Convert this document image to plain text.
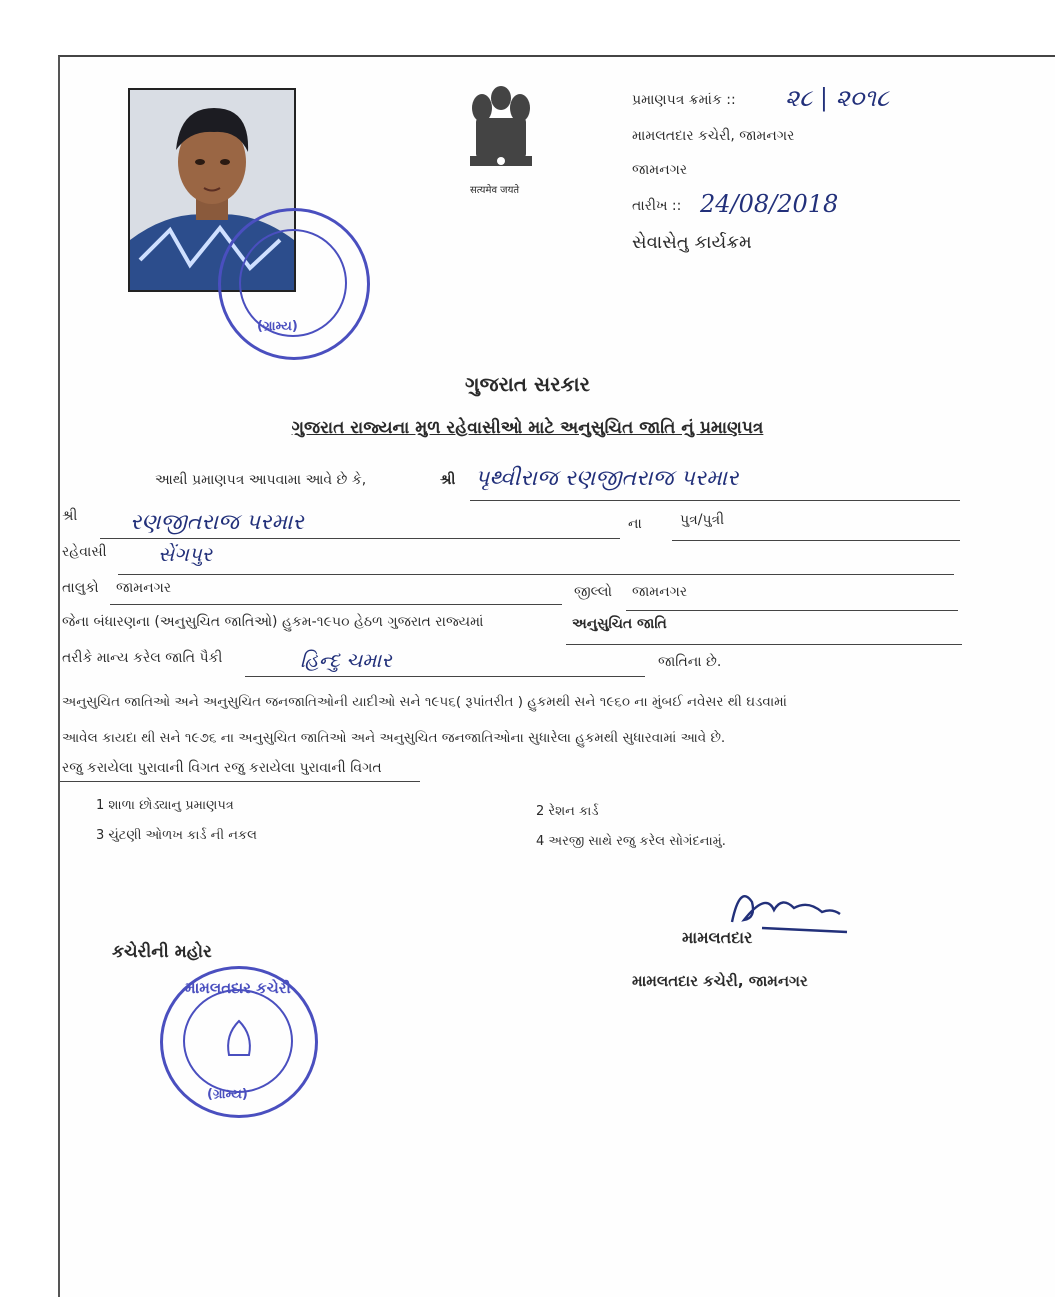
(ગ્રામ્ય)
सत्यमेव जयते
પ્રમાણપત્ર ક્રમાંક :: ૨૮ | ૨૦૧૮
મામલતદાર કચેરી, જામનગર
જામનગર
તારીખ :: 24/08/2018
સેવાસેતુ કાર્યક્રમ
ગુજરાત સરકાર
ગુજરાત રાજ્યના મુળ રહેવાસીઓ માટે અનુસુચિત જાતિ નું પ્રમાણપત્ર
આથી પ્રમાણપત્ર આપવામા આવે છે કે,	શ્રી પૃથ્વીરાજ રણજીતરાજ પરમાર
શ્રી રણજીતરાજ પરમાર	ના	પુત્ર/પુત્રી
રહેવાસી	સેંગપુર
તાલુકો જામનગર	જીલ્લો જામનગર
જેના બંધારણના (અનુસુચિત જાતિઓ) હુકમ-૧૯૫૦ હેઠળ ગુજરાત રાજ્યમાં	અનુસુચિત જાતિ
તરીકે માન્ય કરેલ જાતિ પૈકી	હિન્દુ ચમાર	જાતિના છે.
અનુસુચિત જાતિઓ અને અનુસુચિત જનજાતિઓની યાદીઓ સને ૧૯૫૬( રૂપાંતરીત ) હુકમથી સને ૧૯૬૦ ના મુંબઈ નવેસર થી ઘડવામાં
આવેલ કાયદા થી સને ૧૯૭૬ ના અનુસુચિત જાતિઓ અને અનુસુચિત જનજાતિઓના સુધારેલા હુકમથી સુધારવામાં આવે છે.
રજુ કરાયેલા પુરાવાની વિગત રજુ કરાયેલા પુરાવાની વિગત
1 શાળા છોડ્યાનુ પ્રમાણપત્ર	2 રેશન કાર્ડ
3 ચુંટણી ઓળખ કાર્ડ ની નકલ	4 અરજી સાથે રજુ કરેલ સોગંદનામું.
મામલતદાર
મામલતદાર કચેરી, જામનગર
કચેરીની મહોર
મામલતદાર કચેરી
(ગ્રામ્ય)
